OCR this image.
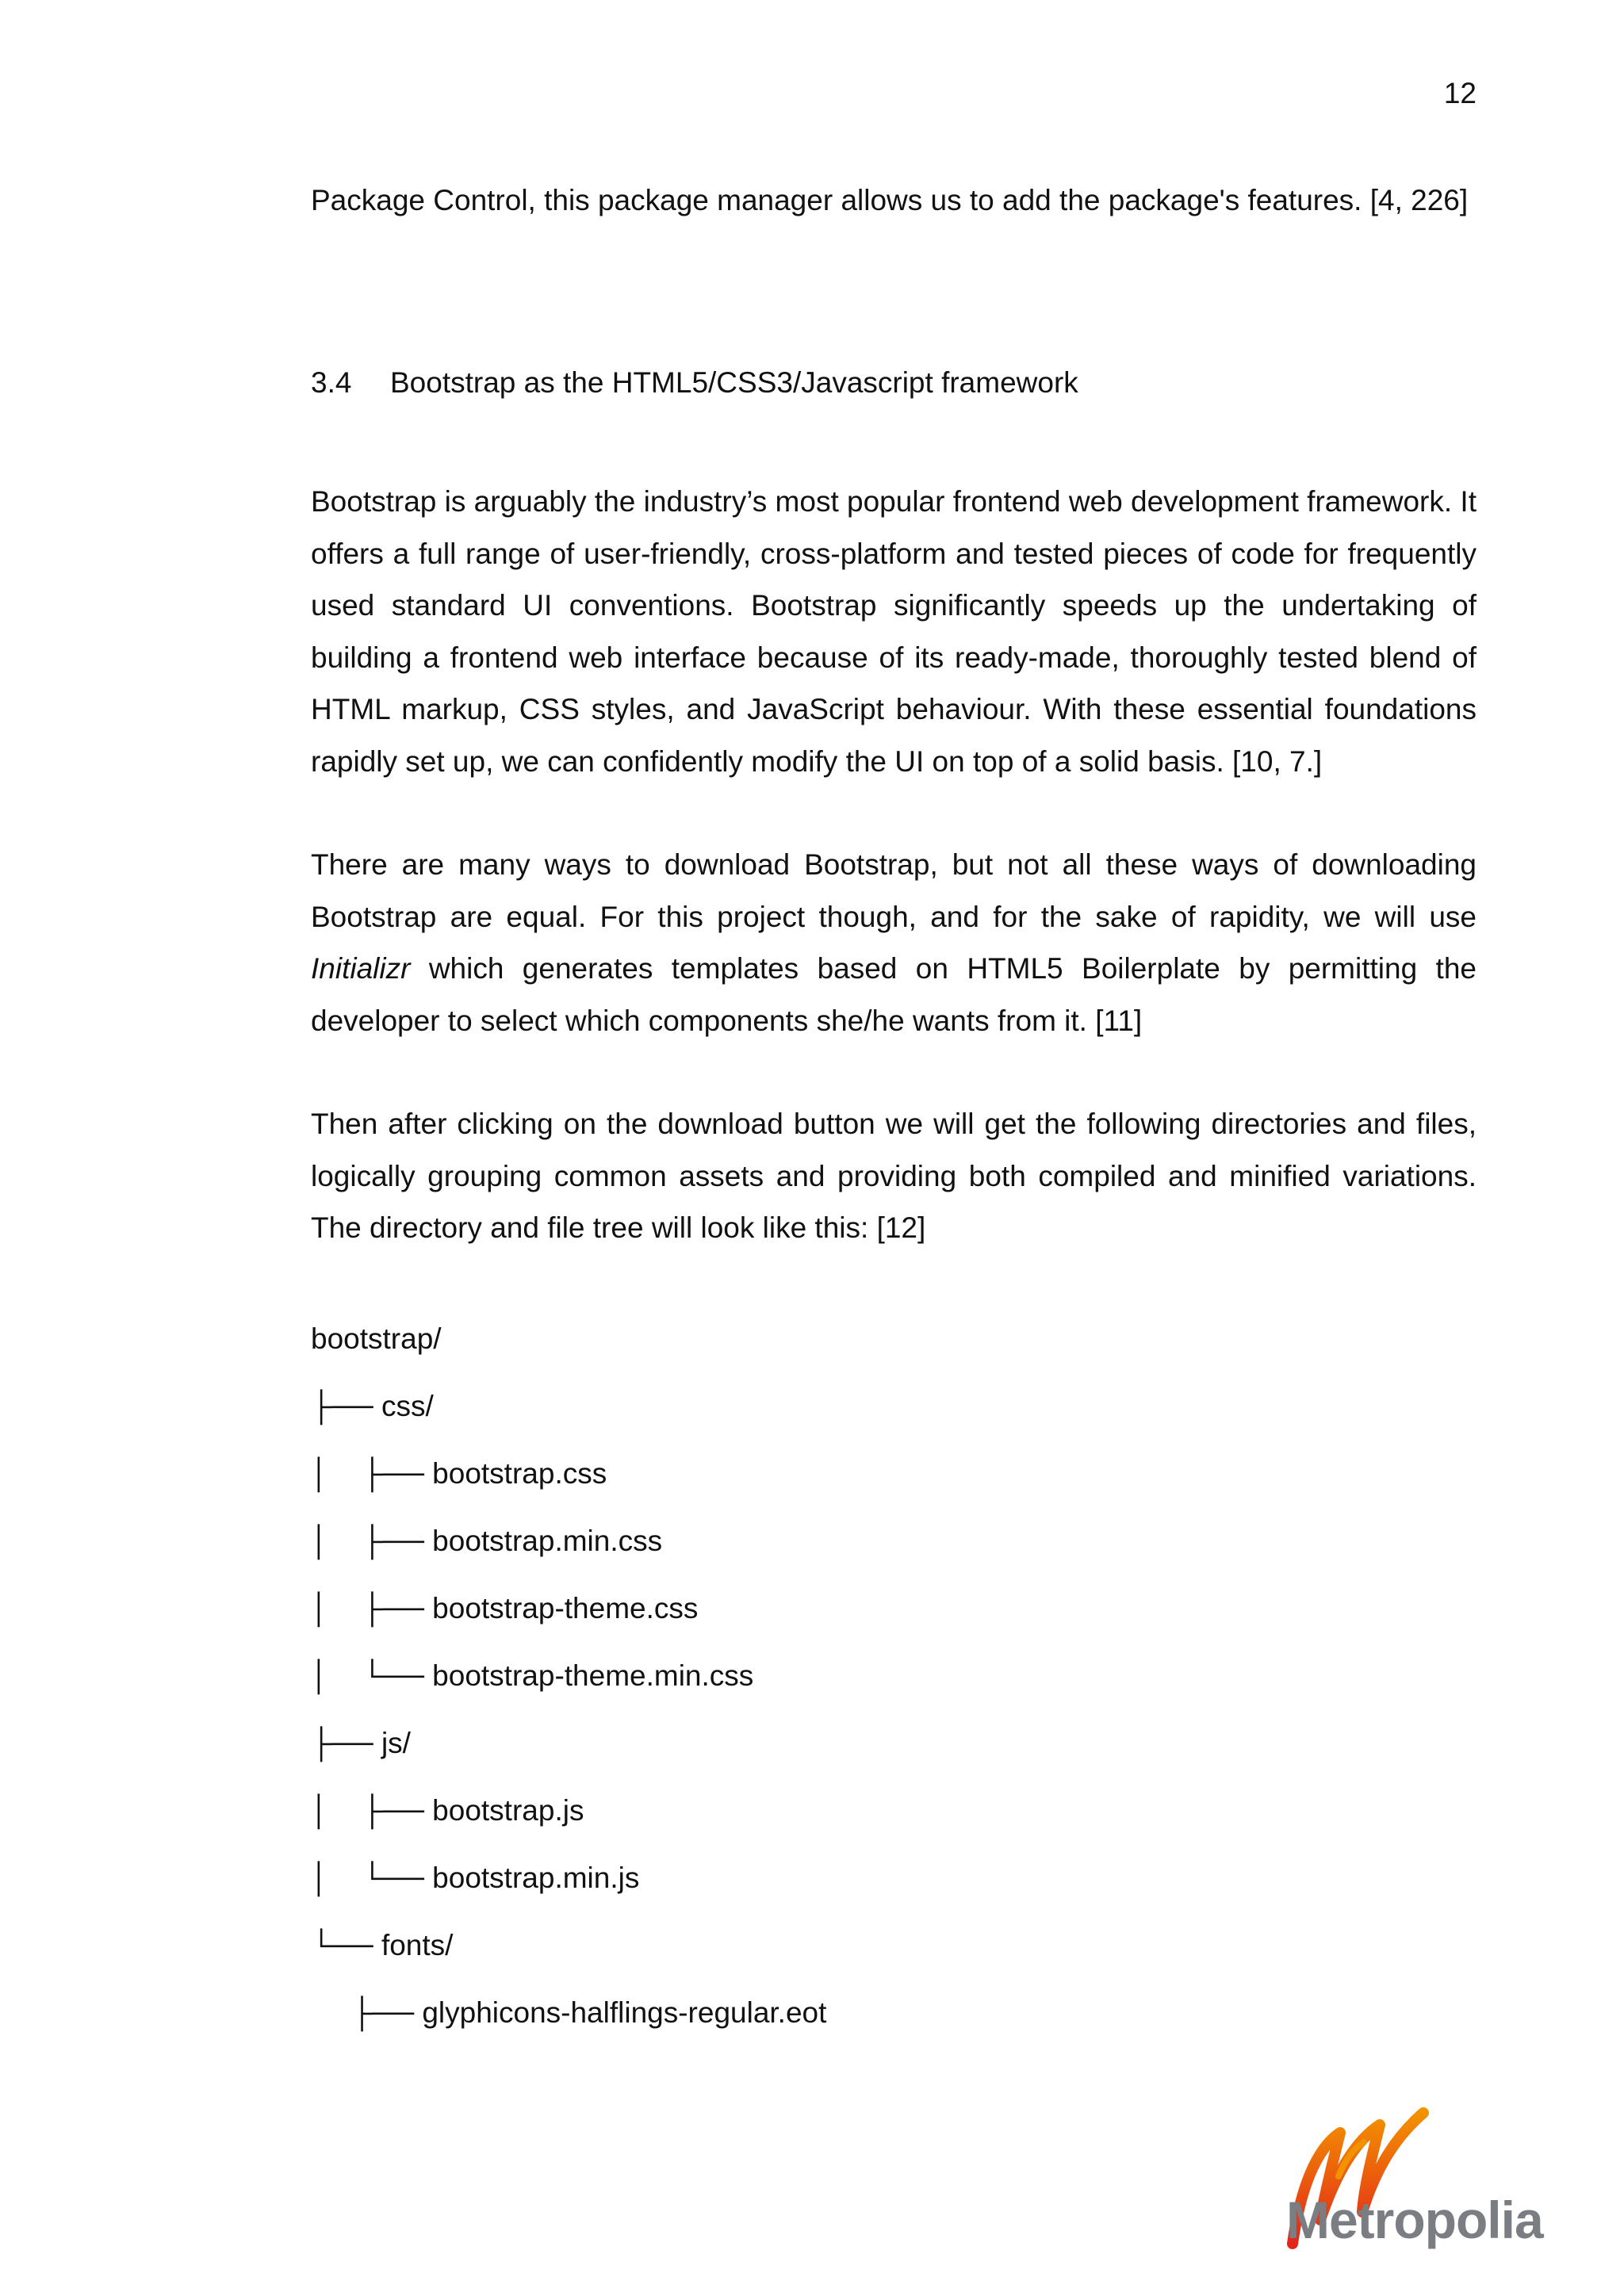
12

Package Control, this package manager allows us to add the package's features. [4, 226]

3.4 Bootstrap as the HTML5/CSS3/Javascript framework

Bootstrap is arguably the industry’s most popular frontend web development framework. It offers a full range of user-friendly, cross-platform and tested pieces of code for frequently used standard UI conventions. Bootstrap significantly speeds up the undertaking of building a frontend web interface because of its ready-made, thoroughly tested blend of HTML markup, CSS styles, and JavaScript behaviour. With these essential foundations rapidly set up, we can confidently modify the UI on top of a solid basis. [10, 7.]

There are many ways to download Bootstrap, but not all these ways of downloading Bootstrap are equal. For this project though, and for the sake of rapidity, we will use Initializr which generates templates based on HTML5 Boilerplate by permitting the developer to select which components she/he wants from it. [11]

Then after clicking on the download button we will get the following directories and files, logically grouping common assets and providing both compiled and minified variations. The directory and file tree will look like this: [12]

bootstrap/
├── css/
│    ├── bootstrap.css
│    ├── bootstrap.min.css
│    ├── bootstrap-theme.css
│    └── bootstrap-theme.min.css
├── js/
│    ├── bootstrap.js
│    └── bootstrap.min.js
└── fonts/
├── glyphicons-halflings-regular.eot
Metropolia
